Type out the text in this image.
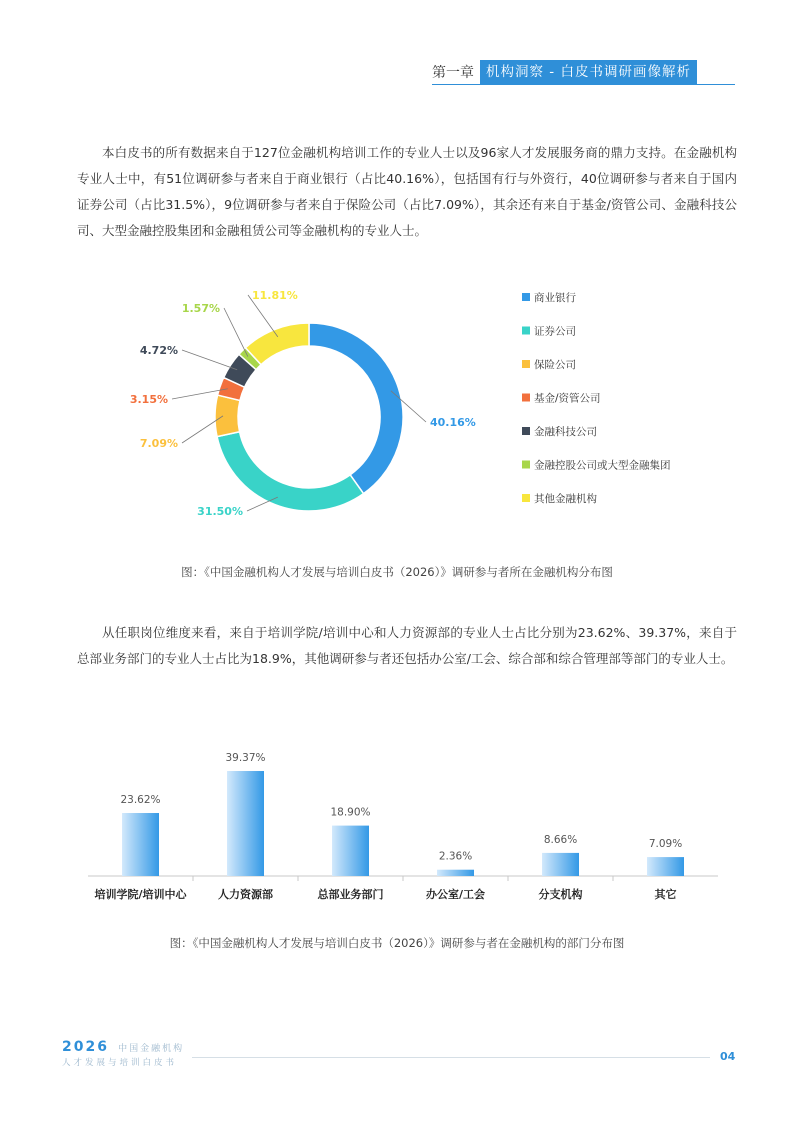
第一章 机构洞察 - 白皮书调研画像解析

本白皮书的所有数据来自于127位金融机构培训工作的专业人士以及96家人才发展服务商的鼎力支持。在金融机构专业人士中，有51位调研参与者来自于商业银行（占比40.16%），包括国有行与外资行，40位调研参与者来自于国内证券公司（占比31.5%），9位调研参与者来自于保险公司（占比7.09%），其余还有来自于基金/资管公司、金融科技公司、大型金融控股集团和金融租赁公司等金融机构的专业人士。

40.16%
31.50%
7.09%
3.15%
4.72%
1.57%
11.81%	商业银行
证券公司
保险公司
基金/资管公司
金融科技公司
金融控股公司或大型金融集团
其他金融机构
图：《中国金融机构人才发展与培训白皮书（2026）》调研参与者所在金融机构分布图

从任职岗位维度来看，来自于培训学院/培训中心和人力资源部的专业人士占比分别为23.62%、39.37%，来自于总部业务部门的专业人士占比为18.9%，其他调研参与者还包括办公室/工会、综合部和综合管理部等部门的专业人士。

23.62%
培训学院/培训中心
39.37%
人力资源部
18.90%
总部业务部门
2.36%
办公室/工会
8.66%
分支机构
7.09%
其它
图：《中国金融机构人才发展与培训白皮书（2026）》调研参与者在金融机构的部门分布图
2026 中国金融机构
人才发展与培训白皮书	04
